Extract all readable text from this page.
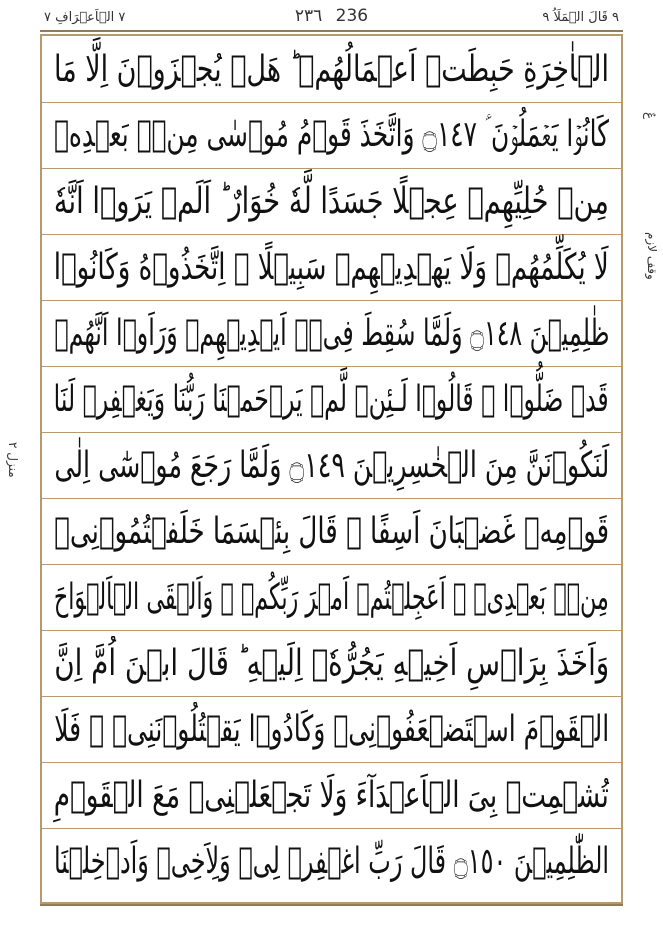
٧ الۡاَعۡرَافِ ٧	٢٣٦ 236	٩ قَالَ الۡمَلَاُ ٩
الۡاٰخِرَةِ حَبِطَتۡ اَعۡمَالُهُمۡ ؕ هَلۡ يُجۡزَوۡنَ اِلَّا مَا
كَانُوۡا يَعۡمَلُوۡنَ ؑ ۝١٤٧ وَاتَّخَذَ قَوۡمُ مُوۡسٰى مِنۡۢ بَعۡدِهٖ
مِنۡ حُلِيِّهِمۡ عِجۡلًا جَسَدًا لَّهٗ خُوَارٌ ؕ اَلَمۡ يَرَوۡا اَنَّهٗ
لَا يُكَلِّمُهُمۡ وَلَا يَهۡدِيۡهِمۡ سَبِيۡلًا ۘ اِتَّخَذُوۡهُ وَكَانُوۡا
ظٰلِمِيۡنَ ۝١٤٨ وَلَمَّا سُقِطَ فِىۡۤ اَيۡدِيۡهِمۡ وَرَاَوۡا اَنَّهُمۡ
قَدۡ ضَلُّوۡا ۙ قَالُوۡا لَـئِنۡ لَّمۡ يَرۡحَمۡنَا رَبُّنَا وَيَغۡفِرۡ لَنَا
لَنَكُوۡنَنَّ مِنَ الۡخٰسِرِيۡنَ ۝١٤٩ وَلَمَّا رَجَعَ مُوۡسٰٓى اِلٰى
قَوۡمِهٖ غَضۡبَانَ اَسِفًا ۙ قَالَ بِئۡسَمَا خَلَفۡتُمُوۡنِىۡ
مِنۡۢ بَعۡدِىۡ ۚ اَعَجِلۡتُمۡ اَمۡرَ رَبِّكُمۡ ۚ وَاَلۡقَى الۡاَلۡوَاحَ
وَاَخَذَ بِرَاۡسِ اَخِيۡهِ يَجُرُّهٗۤ اِلَيۡهِ ؕ قَالَ ابۡنَ اُمَّ اِنَّ
الۡقَوۡمَ اسۡتَضۡعَفُوۡنِىۡ وَكَادُوۡا يَقۡتُلُوۡنَنِىۡ ۖ فَلَا
تُشۡمِتۡ بِىَ الۡاَعۡدَآءَ وَلَا تَجۡعَلۡنِىۡ مَعَ الۡقَوۡمِ
الظّٰلِمِيۡنَ ۝١٥٠ قَالَ رَبِّ اغۡفِرۡ لِىۡ وَلِاَخِىۡ وَاَدۡخِلۡنَا
عٌ
وقف لازم
منزل ٢
